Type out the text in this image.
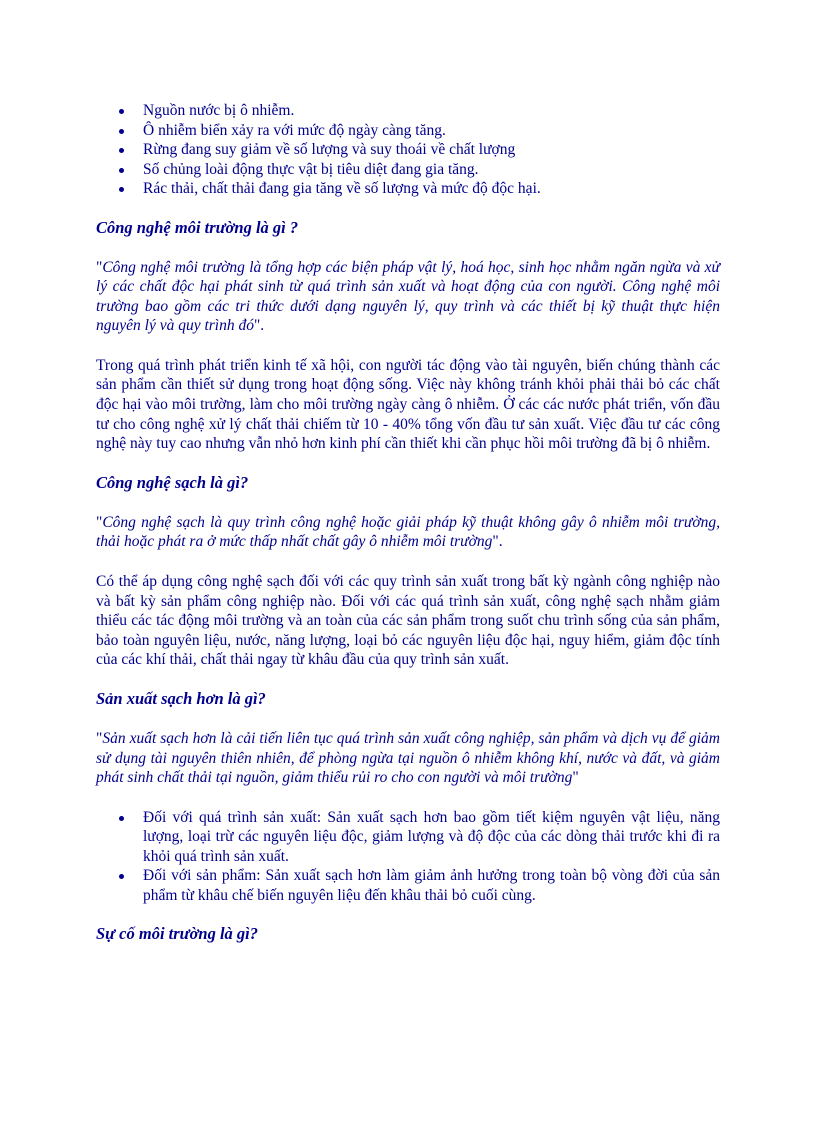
Nguồn nước bị ô nhiễm.
Ô nhiễm biển xảy ra với mức độ ngày càng tăng.
Rừng đang suy giảm về số lượng và suy thoái về chất lượng
Số chủng loài động thực vật bị tiêu diệt đang gia tăng.
Rác thải, chất thải đang gia tăng về số lượng và mức độ độc hại.
Công nghệ môi trường là gì ?

"Công nghệ môi trường là tổng hợp các biện pháp vật lý, hoá học, sinh học nhằm ngăn ngừa và xử lý các chất độc hại phát sinh từ quá trình sản xuất và hoạt động của con người. Công nghệ môi trường bao gồm các tri thức dưới dạng nguyên lý, quy trình và các thiết bị kỹ thuật thực hiện nguyên lý và quy trình đó".

Trong quá trình phát triển kinh tế xã hội, con người tác động vào tài nguyên, biến chúng thành các sản phẩm cần thiết sử dụng trong hoạt động sống. Việc này không tránh khỏi phải thải bỏ các chất độc hại vào môi trường, làm cho môi trường ngày càng ô nhiễm. Ở các các nước phát triển, vốn đầu tư cho công nghệ xử lý chất thải chiếm từ 10 - 40% tổng vốn đầu tư sản xuất. Việc đầu tư các công nghệ này tuy cao nhưng vẫn nhỏ hơn kinh phí cần thiết khi cần phục hồi môi trường đã bị ô nhiễm.

Công nghệ sạch là gì?

"Công nghệ sạch là quy trình công nghệ hoặc giải pháp kỹ thuật không gây ô nhiễm môi trường, thải hoặc phát ra ở mức thấp nhất chất gây ô nhiễm môi trường".

Có thể áp dụng công nghệ sạch đối với các quy trình sản xuất trong bất kỳ ngành công nghiệp nào và bất kỳ sản phẩm công nghiệp nào. Đối với các quá trình sản xuất, công nghệ sạch nhằm giảm thiểu các tác động môi trường và an toàn của các sản phẩm trong suốt chu trình sống của sản phẩm, bảo toàn nguyên liệu, nước, năng lượng, loại bỏ các nguyên liệu độc hại, nguy hiểm, giảm độc tính của các khí thải, chất thải ngay từ khâu đầu của quy trình sản xuất.

Sản xuất sạch hơn là gì?

"Sản xuất sạch hơn là cải tiến liên tục quá trình sản xuất công nghiệp, sản phẩm và dịch vụ để giảm sử dụng tài nguyên thiên nhiên, để phòng ngừa tại nguồn ô nhiễm không khí, nước và đất, và giảm phát sinh chất thải tại nguồn, giảm thiểu rủi ro cho con người và môi trường"

Đối với quá trình sản xuất: Sản xuất sạch hơn bao gồm tiết kiệm nguyên vật liệu, năng lượng, loại trừ các nguyên liệu độc, giảm lượng và độ độc của các dòng thải trước khi đi ra khỏi quá trình sản xuất.
Đối với sản phẩm: Sản xuất sạch hơn làm giảm ảnh hưởng trong toàn bộ vòng đời của sản phẩm từ khâu chế biến nguyên liệu đến khâu thải bỏ cuối cùng.
Sự cố môi trường là gì?
